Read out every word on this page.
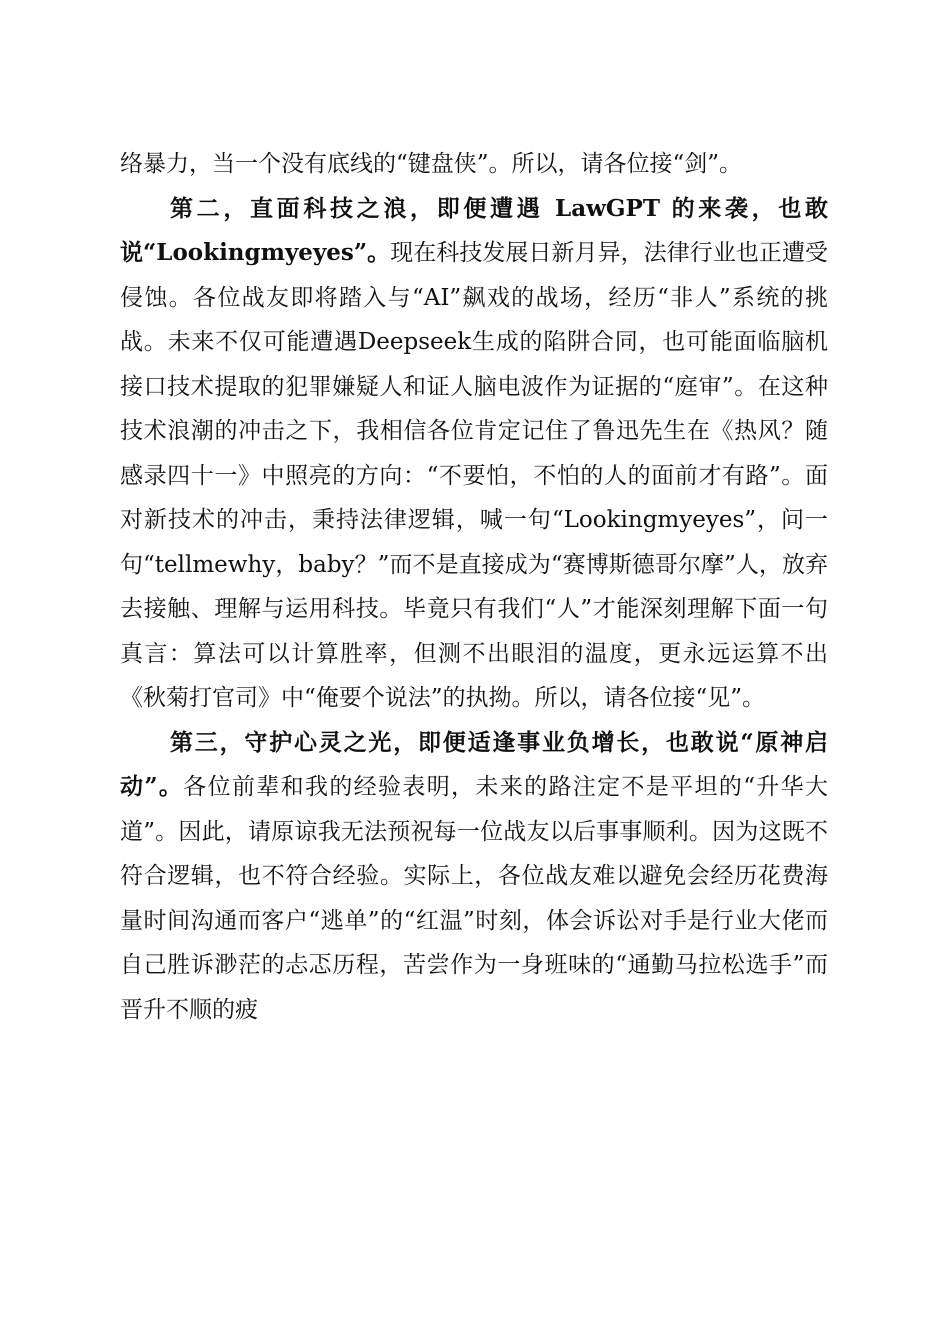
络暴力，当一个没有底线的“键盘侠”。所以，请各位接“剑”。

第二，直面科技之浪，即便遭遇 LawGPT 的来袭，也敢说“Lookingmyeyes”。现在科技发展日新月异，法律行业也正遭受侵蚀。各位战友即将踏入与“AI”飙戏的战场，经历“非人”系统的挑战。未来不仅可能遭遇Deepseek生成的陷阱合同，也可能面临脑机接口技术提取的犯罪嫌疑人和证人脑电波作为证据的“庭审”。在这种技术浪潮的冲击之下，我相信各位肯定记住了鲁迅先生在《热风？随感录四十一》中照亮的方向：“不要怕，不怕的人的面前才有路”。面对新技术的冲击，秉持法律逻辑，喊一句“Lookingmyeyes”，问一句“tellmewhy，baby？”而不是直接成为“赛博斯德哥尔摩”人，放弃去接触、理解与运用科技。毕竟只有我们“人”才能深刻理解下面一句真言：算法可以计算胜率，但测不出眼泪的温度，更永远运算不出《秋菊打官司》中“俺要个说法”的执拗。所以，请各位接“见”。

第三，守护心灵之光，即便适逢事业负增长，也敢说“原神启动”。各位前辈和我的经验表明，未来的路注定不是平坦的“升华大道”。因此，请原谅我无法预祝每一位战友以后事事顺利。因为这既不符合逻辑，也不符合经验。实际上，各位战友难以避免会经历花费海量时间沟通而客户“逃单”的“红温”时刻，体会诉讼对手是行业大佬而自己胜诉渺茫的忐忑历程，苦尝作为一身班味的“通勤马拉松选手”而晋升不顺的疲
